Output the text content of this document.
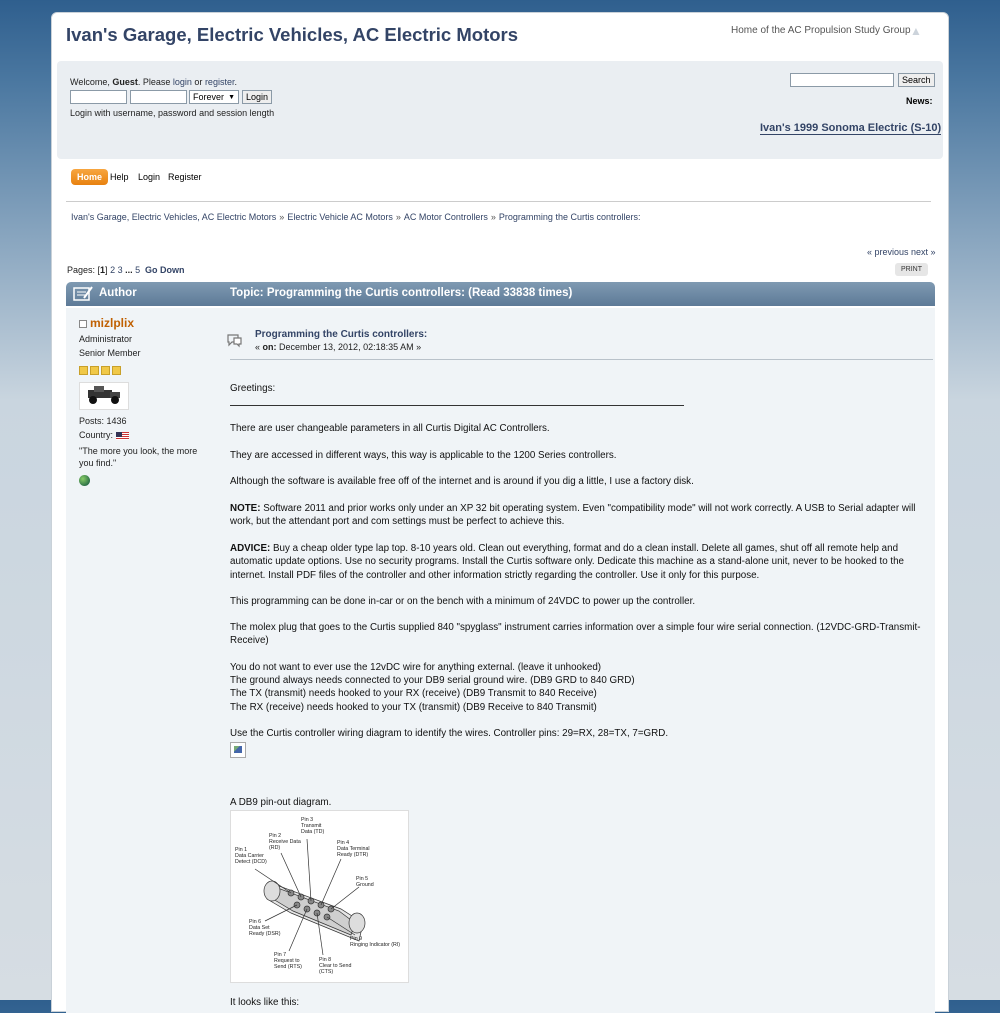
Ivan's Garage, Electric Vehicles, AC Electric Motors	Home of the AC Propulsion Study Group ▲
Welcome, Guest. Please login or register.
Forever ▼	Login
Login with username, password and session length
Search
News:
Ivan's 1999 Sonoma Electric (S-10)
Home Help Login Register
Ivan's Garage, Electric Vehicles, AC Electric Motors » Electric Vehicle AC Motors » AC Motor Controllers » Programming the Curtis controllers:
« previous next »
Pages: [1] 2 3 ... 5 Go Down	PRINT
Author	Topic: Programming the Curtis controllers: (Read 33838 times)
mizlplix
Administrator
Senior Member
Posts: 1436
Country:
"The more you look, the more you find."
Programming the Curtis controllers:
« on: December 13, 2012, 02:18:35 AM »

Greetings:

There are user changeable parameters in all Curtis Digital AC Controllers.

They are accessed in different ways, this way is applicable to the 1200 Series controllers.

Although the software is available free off of the internet and is around if you dig a little, I use a factory disk.

NOTE: Software 2011 and prior works only under an XP 32 bit operating system. Even "compatibility mode" will not work correctly. A USB to Serial adapter will work, but the attendant port and com settings must be perfect to achieve this.

ADVICE: Buy a cheap older type lap top. 8-10 years old. Clean out everything, format and do a clean install. Delete all games, shut off all remote help and automatic update options. Use no security programs. Install the Curtis software only. Dedicate this machine as a stand-alone unit, never to be hooked to the internet. Install PDF files of the controller and other information strictly regarding the controller. Use it only for this purpose.

This programming can be done in-car or on the bench with a minimum of 24VDC to power up the controller.

The molex plug that goes to the Curtis supplied 840 "spyglass" instrument carries information over a simple four wire serial connection. (12VDC-GRD-Transmit-Receive)

You do not want to ever use the 12vDC wire for anything external. (leave it unhooked)

The ground always needs connected to your DB9 serial ground wire. (DB9 GRD to 840 GRD)

The TX (transmit) needs hooked to your RX (receive) (DB9 Transmit to 840 Receive)

The RX (receive) needs hooked to your TX (transmit) (DB9 Receive to 840 Transmit)

Use the Curtis controller wiring diagram to identify the wires. Controller pins: 29=RX, 28=TX, 7=GRD.

A DB9 pin-out diagram.

Pin 3 Transmit Data (TD)
Pin 2 Receive Data (RD)
Pin 4 Data Terminal Ready (DTR)
Pin 1 Data Carrier Detect (DCD)
Pin 5 Ground
Pin 6 Data Set Ready (DSR)
Pin 9 Ringing Indicator (RI)
Pin 7 Request to Send (RTS)
Pin 8 Clear to Send (CTS)

It looks like this:
